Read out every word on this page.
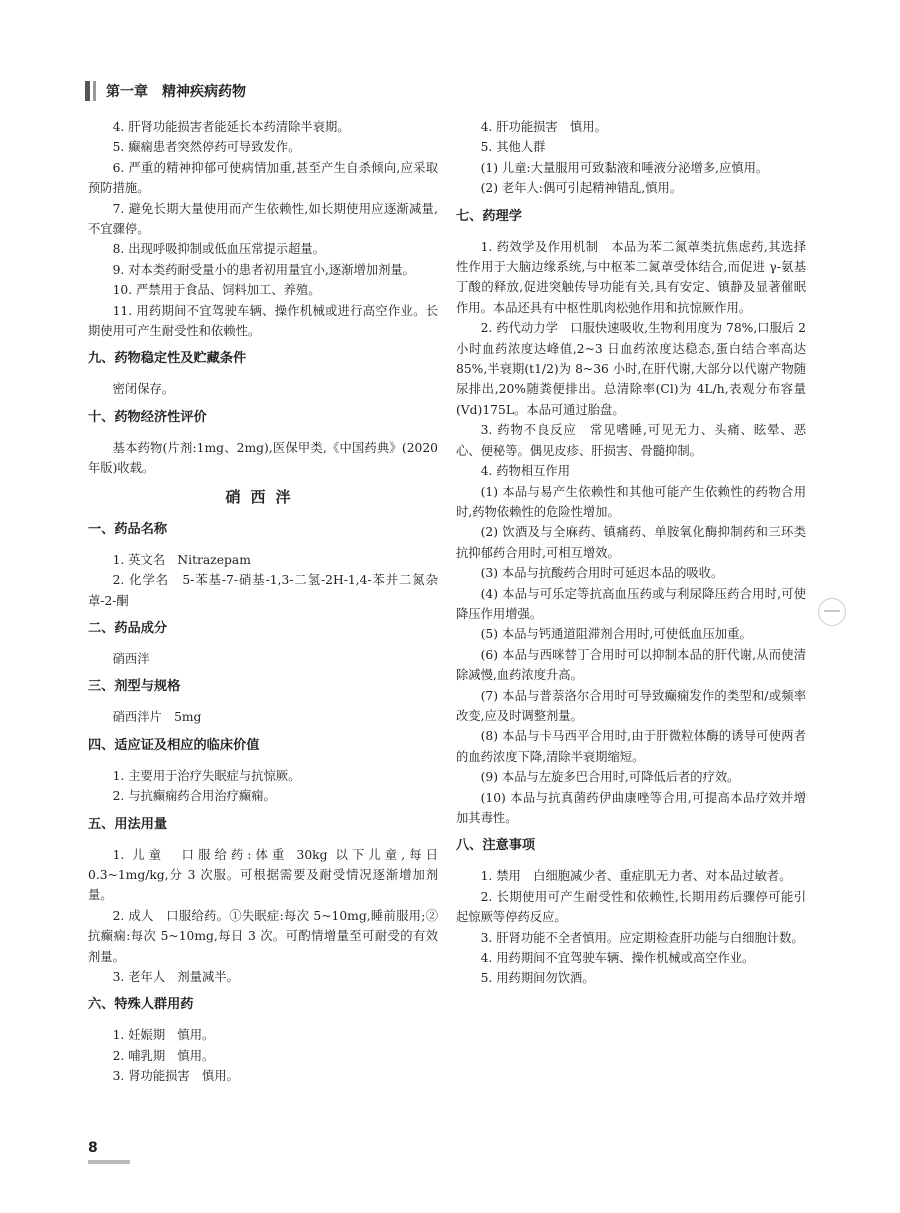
第一章　精神疾病药物

4. 肝肾功能损害者能延长本药清除半衰期。

5. 癫痫患者突然停药可导致发作。

6. 严重的精神抑郁可使病情加重,甚至产生自杀倾向,应采取预防措施。

7. 避免长期大量使用而产生依赖性,如长期使用应逐渐减量,不宜骤停。

8. 出现呼吸抑制或低血压常提示超量。

9. 对本类药耐受量小的患者初用量宜小,逐渐增加剂量。

10. 严禁用于食品、饲料加工、养殖。

11. 用药期间不宜驾驶车辆、操作机械或进行高空作业。长期使用可产生耐受性和依赖性。

九、药物稳定性及贮藏条件

密闭保存。

十、药物经济性评价

基本药物(片剂:1mg、2mg),医保甲类,《中国药典》(2020 年版)收载。

硝西泮
一、药品名称

1. 英文名　Nitrazepam

2. 化学名　5-苯基-7-硝基-1,3-二氢-2H-1,4-苯并二氮杂䓬-2-酮

二、药品成分

硝西泮

三、剂型与规格

硝西泮片　5mg

四、适应证及相应的临床价值

1. 主要用于治疗失眠症与抗惊厥。

2. 与抗癫痫药合用治疗癫痫。

五、用法用量

1. 儿童　口服给药:体重 30kg 以下儿童,每日 0.3~1mg/kg,分 3 次服。可根据需要及耐受情况逐渐增加剂量。

2. 成人　口服给药。①失眠症:每次 5~10mg,睡前服用;②抗癫痫:每次 5~10mg,每日 3 次。可酌情增量至可耐受的有效剂量。

3. 老年人　剂量减半。

六、特殊人群用药

1. 妊娠期　慎用。

2. 哺乳期　慎用。

3. 肾功能损害　慎用。

4. 肝功能损害　慎用。

5. 其他人群

(1) 儿童:大量服用可致黏液和唾液分泌增多,应慎用。

(2) 老年人:偶可引起精神错乱,慎用。

七、药理学

1. 药效学及作用机制　本品为苯二氮䓬类抗焦虑药,其选择性作用于大脑边缘系统,与中枢苯二氮䓬受体结合,而促进 γ-氨基丁酸的释放,促进突触传导功能有关,具有安定、镇静及显著催眠作用。本品还具有中枢性肌肉松弛作用和抗惊厥作用。

2. 药代动力学　口服快速吸收,生物利用度为 78%,口服后 2 小时血药浓度达峰值,2~3 日血药浓度达稳态,蛋白结合率高达 85%,半衰期(t1/2)为 8~36 小时,在肝代谢,大部分以代谢产物随尿排出,20%随粪便排出。总清除率(Cl)为 4L/h,表观分布容量(Vd)175L。本品可通过胎盘。

3. 药物不良反应　常见嗜睡,可见无力、头痛、眩晕、恶心、便秘等。偶见皮疹、肝损害、骨髓抑制。

4. 药物相互作用

(1) 本品与易产生依赖性和其他可能产生依赖性的药物合用时,药物依赖性的危险性增加。

(2) 饮酒及与全麻药、镇痛药、单胺氧化酶抑制药和三环类抗抑郁药合用时,可相互增效。

(3) 本品与抗酸药合用时可延迟本品的吸收。

(4) 本品与可乐定等抗高血压药或与利尿降压药合用时,可使降压作用增强。

(5) 本品与钙通道阻滞剂合用时,可使低血压加重。

(6) 本品与西咪替丁合用时可以抑制本品的肝代谢,从而使清除减慢,血药浓度升高。

(7) 本品与普萘洛尔合用时可导致癫痫发作的类型和/或频率改变,应及时调整剂量。

(8) 本品与卡马西平合用时,由于肝微粒体酶的诱导可使两者的血药浓度下降,清除半衰期缩短。

(9) 本品与左旋多巴合用时,可降低后者的疗效。

(10) 本品与抗真菌药伊曲康唑等合用,可提高本品疗效并增加其毒性。

八、注意事项

1. 禁用　白细胞减少者、重症肌无力者、对本品过敏者。

2. 长期使用可产生耐受性和依赖性,长期用药后骤停可能引起惊厥等停药反应。

3. 肝肾功能不全者慎用。应定期检查肝功能与白细胞计数。

4. 用药期间不宜驾驶车辆、操作机械或高空作业。

5. 用药期间勿饮酒。

8
